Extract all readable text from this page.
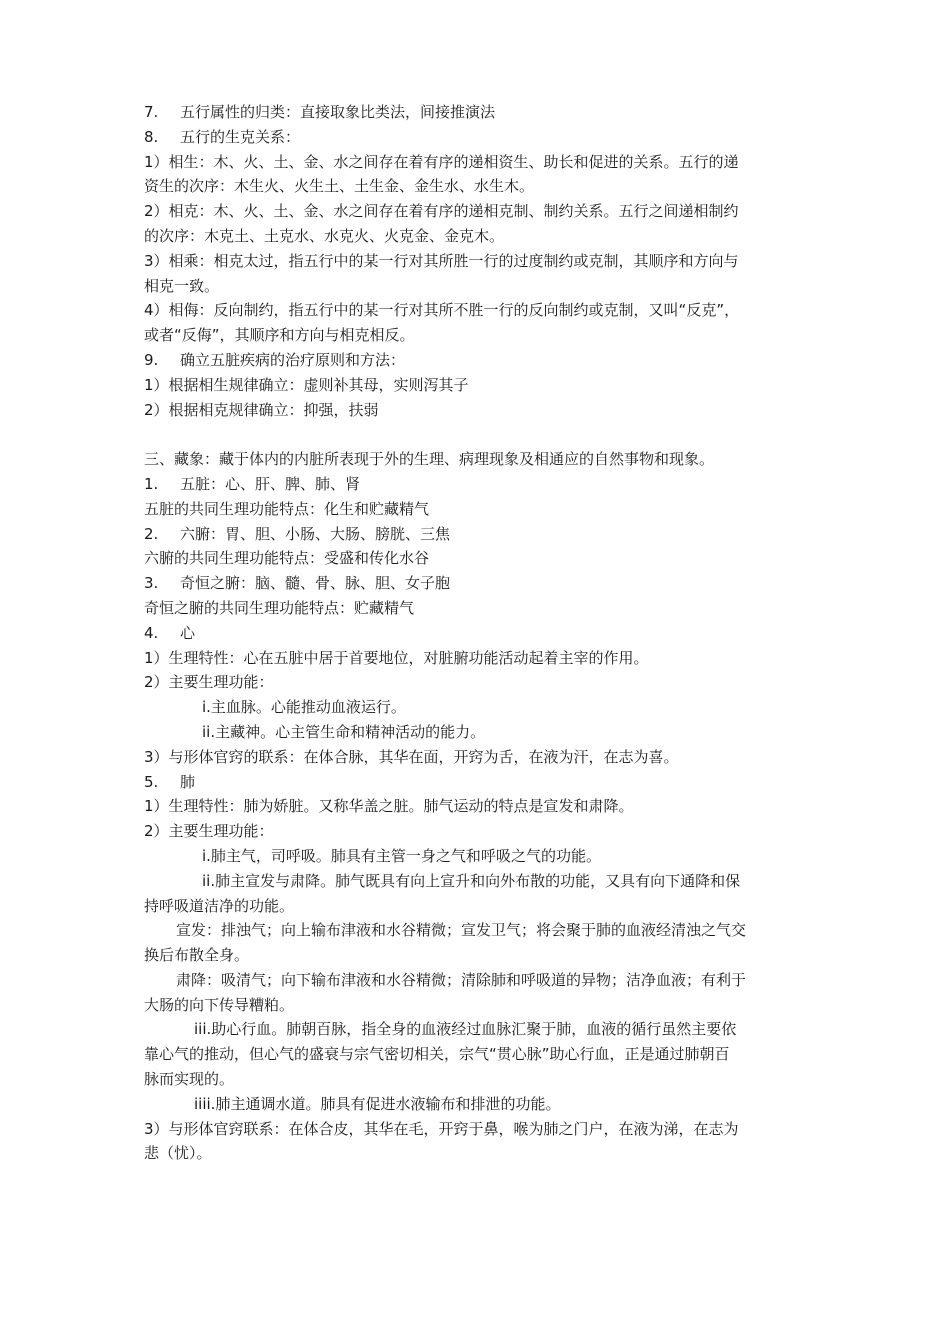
7. 五行属性的归类：直接取象比类法，间接推演法
8. 五行的生克关系：
1）相生：木、火、土、金、水之间存在着有序的递相资生、助长和促进的关系。五行的递
资生的次序：木生火、火生土、土生金、金生水、水生木。
2）相克：木、火、土、金、水之间存在着有序的递相克制、制约关系。五行之间递相制约
的次序：木克土、土克水、水克火、火克金、金克木。
3）相乘：相克太过，指五行中的某一行对其所胜一行的过度制约或克制，其顺序和方向与
相克一致。
4）相侮：反向制约，指五行中的某一行对其所不胜一行的反向制约或克制，又叫“反克”，
或者“反侮”，其顺序和方向与相克相反。
9. 确立五脏疾病的治疗原则和方法：
1）根据相生规律确立：虚则补其母，实则泻其子
2）根据相克规律确立：抑强，扶弱
三、藏象：藏于体内的内脏所表现于外的生理、病理现象及相通应的自然事物和现象。
1. 五脏：心、肝、脾、肺、肾
五脏的共同生理功能特点：化生和贮藏精气
2. 六腑：胃、胆、小肠、大肠、膀胱、三焦
六腑的共同生理功能特点：受盛和传化水谷
3. 奇恒之腑：脑、髓、骨、脉、胆、女子胞
奇恒之腑的共同生理功能特点：贮藏精气
4. 心
1）生理特性：心在五脏中居于首要地位，对脏腑功能活动起着主宰的作用。
2）主要生理功能：
i.主血脉。心能推动血液运行。
ii.主藏神。心主管生命和精神活动的能力。
3）与形体官窍的联系：在体合脉，其华在面，开窍为舌，在液为汗，在志为喜。
5. 肺
1）生理特性：肺为娇脏。又称华盖之脏。肺气运动的特点是宣发和肃降。
2）主要生理功能：
i.肺主气，司呼吸。肺具有主管一身之气和呼吸之气的功能。
ii.肺主宣发与肃降。肺气既具有向上宣升和向外布散的功能，又具有向下通降和保
持呼吸道洁净的功能。
宣发：排浊气；向上输布津液和水谷精微；宣发卫气；将会聚于肺的血液经清浊之气交
换后布散全身。
肃降：吸清气；向下输布津液和水谷精微；清除肺和呼吸道的异物；洁净血液；有利于
大肠的向下传导糟粕。
iii.助心行血。肺朝百脉，指全身的血液经过血脉汇聚于肺，血液的循行虽然主要依
靠心气的推动，但心气的盛衰与宗气密切相关，宗气“贯心脉”助心行血，正是通过肺朝百
脉而实现的。
iiii.肺主通调水道。肺具有促进水液输布和排泄的功能。
3）与形体官窍联系：在体合皮，其华在毛，开窍于鼻，喉为肺之门户，在液为涕，在志为
悲（忧）。
